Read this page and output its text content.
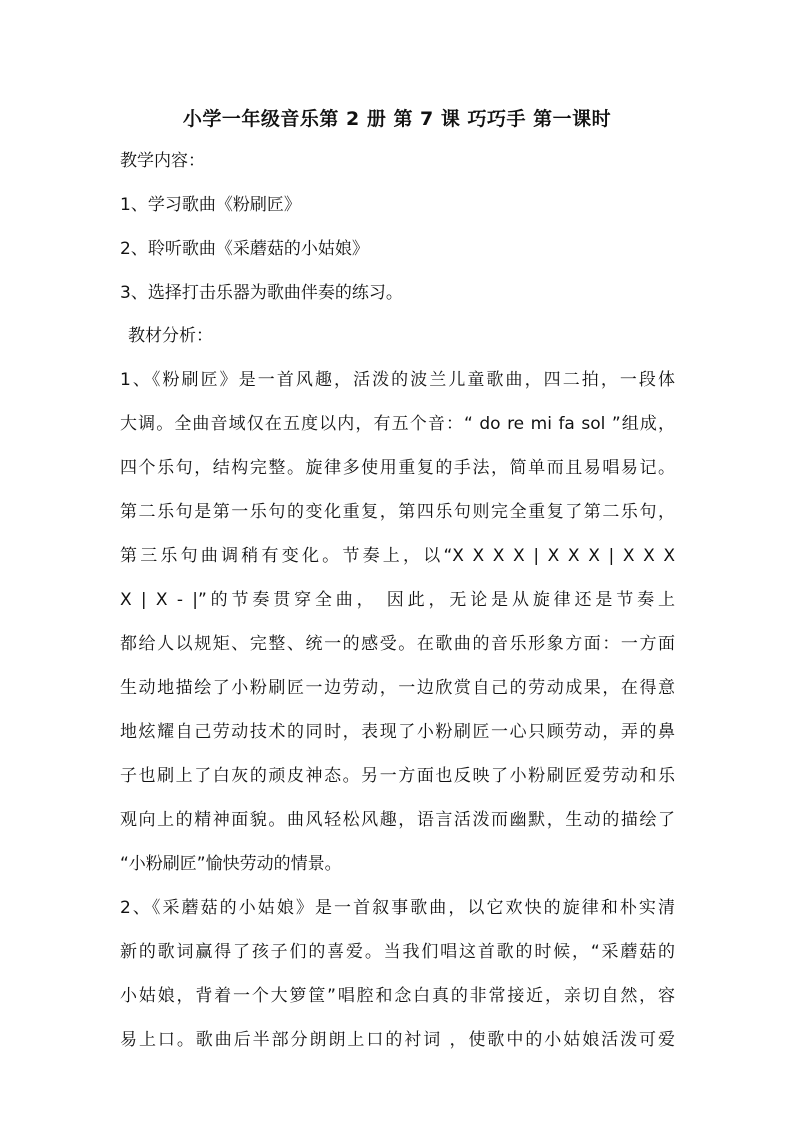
小学一年级音乐第 2 册 第 7 课 巧巧手 第一课时
教学内容：
1、学习歌曲《粉刷匠》
2、聆听歌曲《采蘑菇的小姑娘》
3、选择打击乐器为歌曲伴奏的练习。
教材分析：
1、《粉刷匠》是一首风趣，活泼的波兰儿童歌曲，四二拍，一段体
大调。全曲音域仅在五度以内，有五个音：“ do re mi fa sol ”组成，
四个乐句，结构完整。旋律多使用重复的手法，简单而且易唱易记。
第二乐句是第一乐句的变化重复，第四乐句则完全重复了第二乐句，
第三乐句曲调稍有变化。节奏上，以“X X X X | X X X | X X X
X | X - |”的节奏贯穿全曲， 因此，无论是从旋律还是节奏上
都给人以规矩、完整、统一的感受。在歌曲的音乐形象方面：一方面
生动地描绘了小粉刷匠一边劳动，一边欣赏自己的劳动成果，在得意
地炫耀自己劳动技术的同时，表现了小粉刷匠一心只顾劳动，弄的鼻
子也刷上了白灰的顽皮神态。另一方面也反映了小粉刷匠爱劳动和乐
观向上的精神面貌。曲风轻松风趣，语言活泼而幽默，生动的描绘了
“小粉刷匠”愉快劳动的情景。
2、《采蘑菇的小姑娘》是一首叙事歌曲，以它欢快的旋律和朴实清
新的歌词赢得了孩子们的喜爱。当我们唱这首歌的时候，“采蘑菇的
小姑娘，背着一个大箩筐”唱腔和念白真的非常接近，亲切自然，容
易上口。歌曲后半部分朗朗上口的衬词 ，使歌中的小姑娘活泼可爱
